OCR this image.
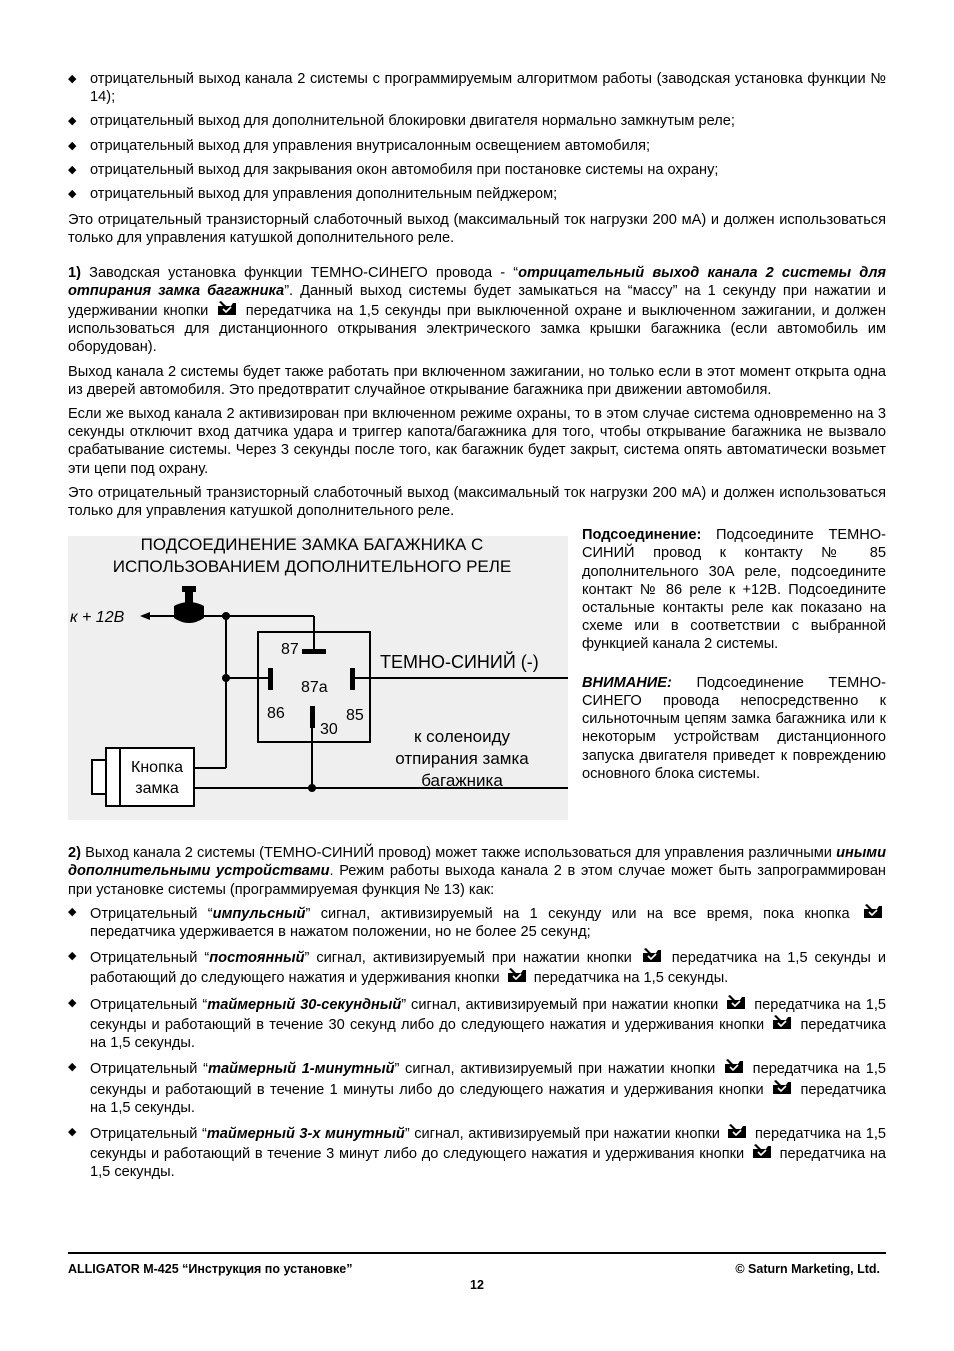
◆ отрицательный выход канала 2 системы с программируемым алгоритмом работы (заводская установка функции № 14);
◆ отрицательный выход для дополнительной блокировки двигателя нормально замкнутым реле;
◆ отрицательный выход для управления внутрисалонным освещением автомобиля;
◆ отрицательный выход для закрывания окон автомобиля при постановке системы на охрану;
◆ отрицательный выход для управления дополнительным пейджером;

Это отрицательный транзисторный слаботочный выход (максимальный ток нагрузки 200 мА) и должен использоваться только для управления катушкой дополнительного реле.

1) Заводская установка функции ТЕМНО-СИНЕГО провода - “отрицательный выход канала 2 системы для отпирания замка багажника”. Данный выход системы будет замыкаться на “массу” на 1 секунду при нажатии и удерживании кнопки	передатчика на 1,5 секунды при выключенной охране и выключенном зажигании, и должен использоваться для дистанционного открывания электрического замка крышки багажника (если автомобиль им оборудован).

Выход канала 2 системы будет также работать при включенном зажигании, но только если в этот момент открыта одна из дверей автомобиля. Это предотвратит случайное открывание багажника при движении автомобиля.

Если же выход канала 2 активизирован при включенном режиме охраны, то в этом случае система одновременно на 3 секунды отключит вход датчика удара и триггер капота/багажника для того, чтобы открывание багажника не вызвало срабатывание системы. Через 3 секунды после того, как багажник будет закрыт, система опять автоматически возьмет эти цепи под охрану.

Это отрицательный транзисторный слаботочный выход (максимальный ток нагрузки 200 мА) и должен использоваться только для управления катушкой дополнительного реле.

ПОДСОЕДИНЕНИЕ ЗАМКА БАГАЖНИКА С
ИСПОЛЬЗОВАНИЕМ ДОПОЛНИТЕЛЬНОГО РЕЛЕ
к + 12В
87
87а
86	85
ТЕМНО-СИНИЙ (-)
30	к соленоиду
отпирания замка
багажника
Кнопка
замка

Подсоединение: Подсоедините ТЕМНО-СИНИЙ провод к контакту № 85 дополнительного 30А реле, подсоедините контакт № 86 реле к +12В. Подсоедините остальные контакты реле как показано на схеме или в соответствии с выбранной функцией канала 2 системы.

ВНИМАНИЕ: Подсоединение ТЕМНО-СИНЕГО провода непосредственно к сильноточным цепям замка багажника или к некоторым устройствам дистанционного запуска двигателя приведет к повреждению основного блока системы.

2) Выход канала 2 системы (ТЕМНО-СИНИЙ провод) может также использоваться для управления различными иными дополнительными устройствами. Режим работы выхода канала 2 в этом случае может быть запрограммирован при установке системы (программируемая функция № 13) как:

◆ Отрицательный “импульсный” сигнал, активизируемый на 1 секунду или на все время, пока кнопка
передатчика удерживается в нажатом положении, но не более 25 секунд;
◆ Отрицательный “постоянный” сигнал, активизируемый при нажатии кнопки	передатчика на 1,5 секунды и работающий до следующего нажатия и удерживания кнопки передатчика на 1,5 секунды.
◆ Отрицательный “таймерный 30-секундный” сигнал, активизируемый при нажатии кнопки передатчика на 1,5 секунды и работающий в течение 30 секунд либо до следующего нажатия и удерживания кнопки передатчика на 1,5 секунды.
◆ Отрицательный “таймерный 1-минутный” сигнал, активизируемый при нажатии кнопки	передатчика на 1,5 секунды и работающий в течение 1 минуты либо до следующего нажатия и удерживания кнопки	передатчика на 1,5 секунды.
◆ Отрицательный “таймерный 3-х минутный” сигнал, активизируемый при нажатии кнопки передатчика на 1,5 секунды и работающий в течение 3 минут либо до следующего нажатия и удерживания кнопки передатчика на 1,5 секунды.
ALLIGATOR M-425 “Инструкция по установке”	© Saturn Marketing, Ltd.
12
